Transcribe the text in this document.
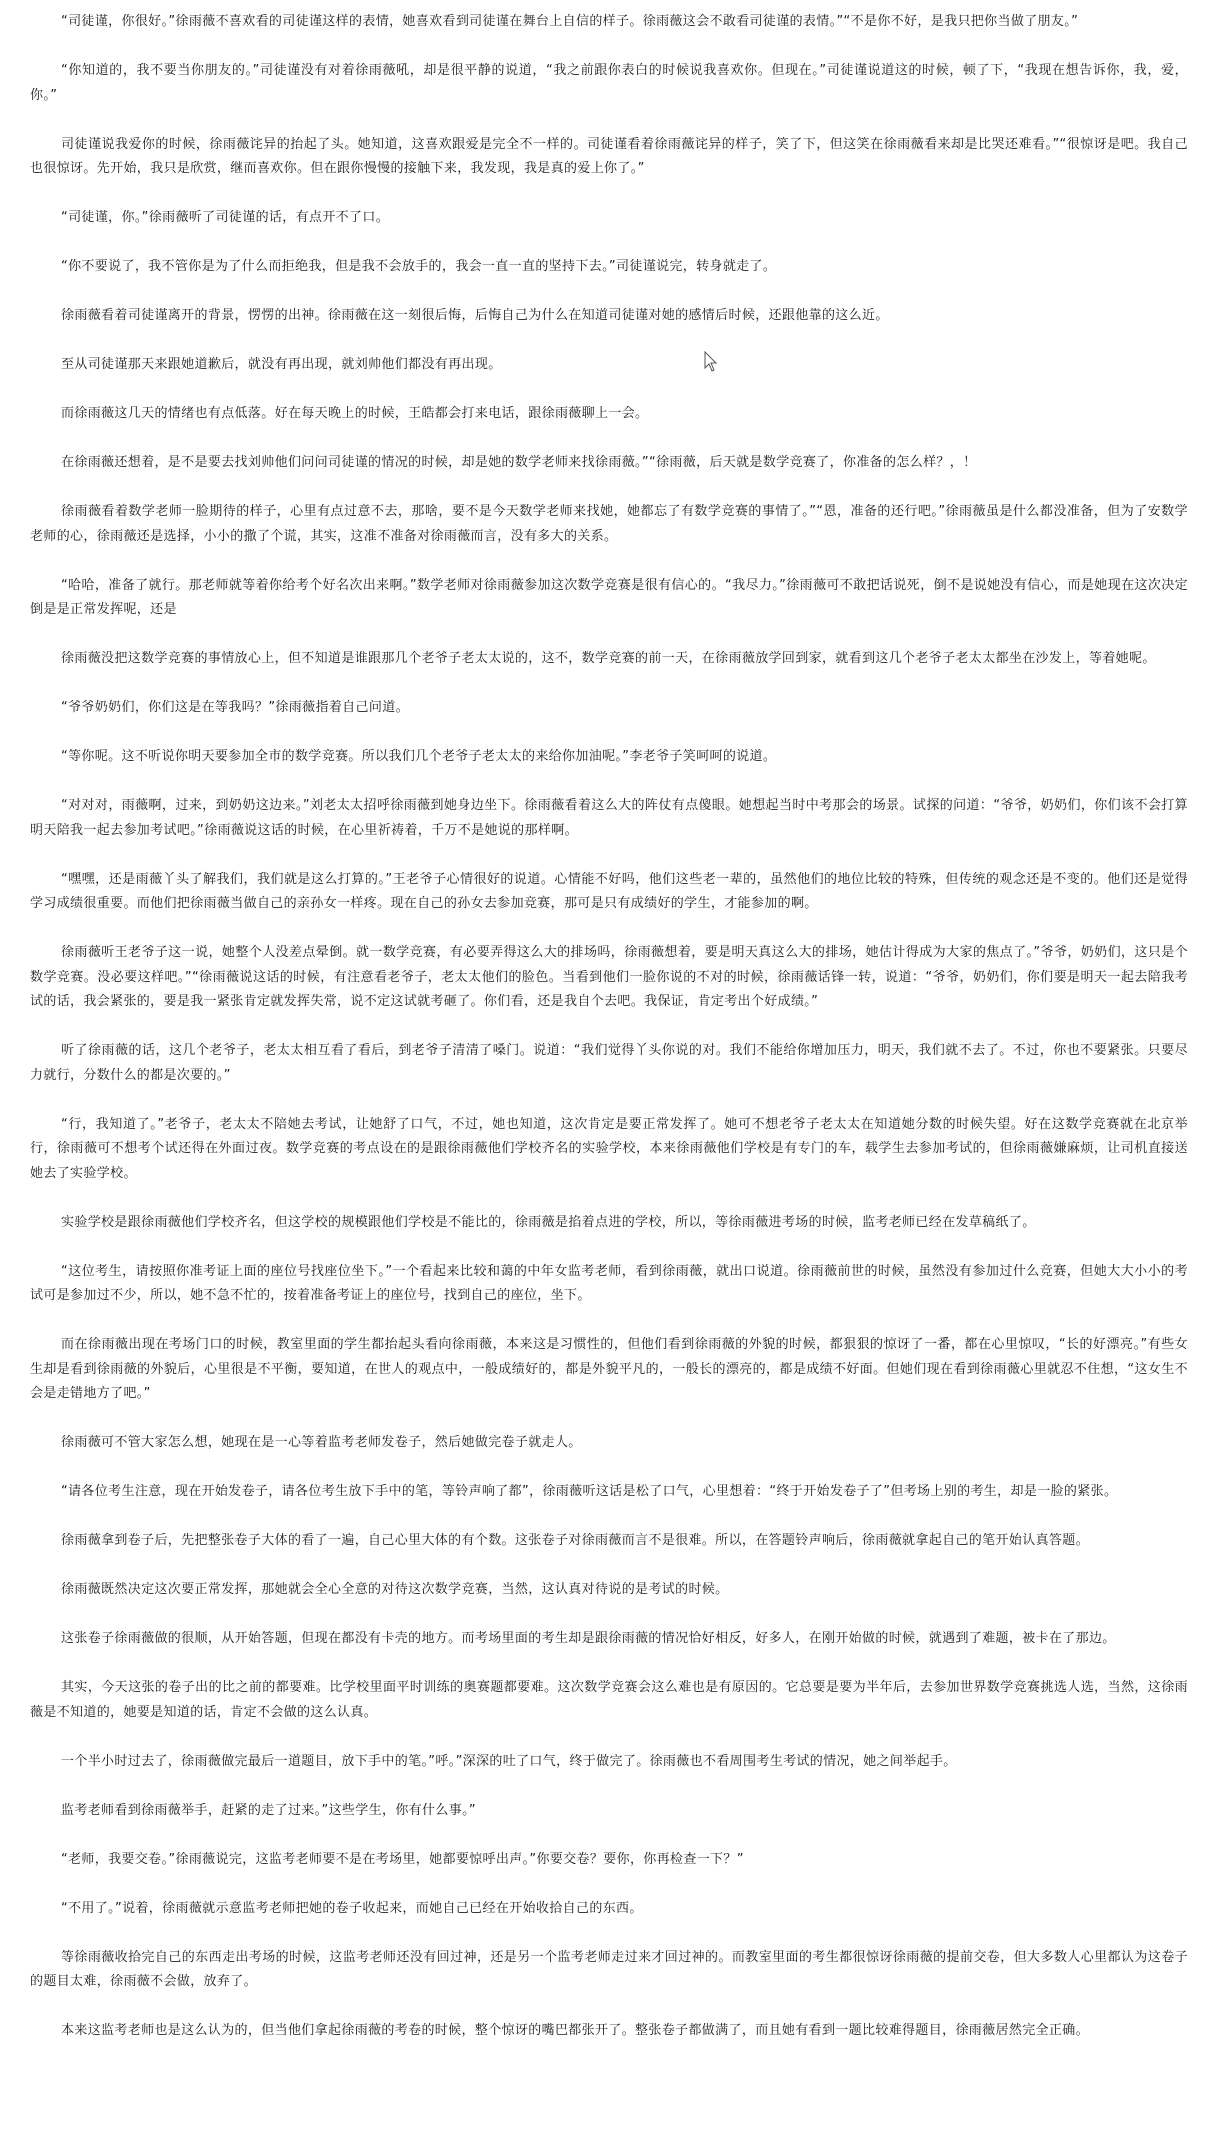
“司徒谨，你很好。”徐雨薇不喜欢看的司徒谨这样的表情，她喜欢看到司徒谨在舞台上自信的样子。徐雨薇这会不敢看司徒谨的表情。”“不是你不好，是我只把你当做了朋友。”

“你知道的，我不要当你朋友的。”司徒谨没有对着徐雨薇吼，却是很平静的说道，“我之前跟你表白的时候说我喜欢你。但现在。”司徒谨说道这的时候，顿了下，“我现在想告诉你，我，爱，你。”

司徒谨说我爱你的时候，徐雨薇诧异的抬起了头。她知道，这喜欢跟爱是完全不一样的。司徒谨看着徐雨薇诧异的样子，笑了下，但这笑在徐雨薇看来却是比哭还难看。”“很惊讶是吧。我自己也很惊讶。先开始，我只是欣赏，继而喜欢你。但在跟你慢慢的接触下来，我发现，我是真的爱上你了。”

“司徒谨，你。”徐雨薇听了司徒谨的话，有点开不了口。

“你不要说了，我不管你是为了什么而拒绝我，但是我不会放手的，我会一直一直的坚持下去。”司徒谨说完，转身就走了。

徐雨薇看着司徒谨离开的背景，愣愣的出神。徐雨薇在这一刻很后悔，后悔自己为什么在知道司徒谨对她的感情后时候，还跟他靠的这么近。

至从司徒谨那天来跟她道歉后，就没有再出现，就刘帅他们都没有再出现。

而徐雨薇这几天的情绪也有点低落。好在每天晚上的时候，王皓都会打来电话，跟徐雨薇聊上一会。

在徐雨薇还想着，是不是要去找刘帅他们问问司徒谨的情况的时候，却是她的数学老师来找徐雨薇。”“徐雨薇，后天就是数学竞赛了，你准备的怎么样？，！

徐雨薇看着数学老师一脸期待的样子，心里有点过意不去，那啥，要不是今天数学老师来找她，她都忘了有数学竞赛的事情了。”“恩，准备的还行吧。”徐雨薇虽是什么都没准备，但为了安数学老师的心，徐雨薇还是选择，小小的撒了个谎，其实，这准不准备对徐雨薇而言，没有多大的关系。

“哈哈，准备了就行。那老师就等着你给考个好名次出来啊。”数学老师对徐雨薇参加这次数学竞赛是很有信心的。“我尽力。”徐雨薇可不敢把话说死，倒不是说她没有信心，而是她现在这次决定倒是是正常发挥呢，还是

徐雨薇没把这数学竞赛的事情放心上，但不知道是谁跟那几个老爷子老太太说的，这不，数学竞赛的前一天，在徐雨薇放学回到家，就看到这几个老爷子老太太都坐在沙发上，等着她呢。

“爷爷奶奶们，你们这是在等我吗？”徐雨薇指着自己问道。

“等你呢。这不听说你明天要参加全市的数学竞赛。所以我们几个老爷子老太太的来给你加油呢。”李老爷子笑呵呵的说道。

“对对对，雨薇啊，过来，到奶奶这边来。”刘老太太招呼徐雨薇到她身边坐下。徐雨薇看着这么大的阵仗有点傻眼。她想起当时中考那会的场景。试探的问道：“爷爷，奶奶们，你们该不会打算明天陪我一起去参加考试吧。”徐雨薇说这话的时候，在心里祈祷着，千万不是她说的那样啊。

“嘿嘿，还是雨薇丫头了解我们，我们就是这么打算的。”王老爷子心情很好的说道。心情能不好吗，他们这些老一辈的，虽然他们的地位比较的特殊，但传统的观念还是不变的。他们还是觉得学习成绩很重要。而他们把徐雨薇当做自己的亲孙女一样疼。现在自己的孙女去参加竞赛，那可是只有成绩好的学生，才能参加的啊。

徐雨薇听王老爷子这一说，她整个人没差点晕倒。就一数学竞赛，有必要弄得这么大的排场吗，徐雨薇想着，要是明天真这么大的排场，她估计得成为大家的焦点了。”爷爷，奶奶们，这只是个数学竞赛。没必要这样吧。”“徐雨薇说这话的时候，有注意看老爷子，老太太他们的脸色。当看到他们一脸你说的不对的时候，徐雨薇话锋一转，说道：“爷爷，奶奶们，你们要是明天一起去陪我考试的话，我会紧张的，要是我一紧张肯定就发挥失常，说不定这试就考砸了。你们看，还是我自个去吧。我保证，肯定考出个好成绩。”

听了徐雨薇的话，这几个老爷子，老太太相互看了看后，到老爷子清清了嗓门。说道：“我们觉得丫头你说的对。我们不能给你增加压力，明天，我们就不去了。不过，你也不要紧张。只要尽力就行，分数什么的都是次要的。”

“行，我知道了。”老爷子，老太太不陪她去考试，让她舒了口气，不过，她也知道，这次肯定是要正常发挥了。她可不想老爷子老太太在知道她分数的时候失望。好在这数学竞赛就在北京举行，徐雨薇可不想考个试还得在外面过夜。数学竞赛的考点设在的是跟徐雨薇他们学校齐名的实验学校，本来徐雨薇他们学校是有专门的车，载学生去参加考试的，但徐雨薇嫌麻烦，让司机直接送她去了实验学校。

实验学校是跟徐雨薇他们学校齐名，但这学校的规模跟他们学校是不能比的，徐雨薇是掐着点进的学校，所以，等徐雨薇进考场的时候，监考老师已经在发草稿纸了。

“这位考生，请按照你准考证上面的座位号找座位坐下。”一个看起来比较和蔼的中年女监考老师，看到徐雨薇，就出口说道。徐雨薇前世的时候，虽然没有参加过什么竞赛，但她大大小小的考试可是参加过不少，所以，她不急不忙的，按着准备考证上的座位号，找到自己的座位，坐下。

而在徐雨薇出现在考场门口的时候，教室里面的学生都抬起头看向徐雨薇，本来这是习惯性的，但他们看到徐雨薇的外貌的时候，都狠狠的惊讶了一番，都在心里惊叹，“长的好漂亮。”有些女生却是看到徐雨薇的外貌后，心里很是不平衡，要知道，在世人的观点中，一般成绩好的，都是外貌平凡的，一般长的漂亮的，都是成绩不好面。但她们现在看到徐雨薇心里就忍不住想，“这女生不会是走错地方了吧。”

徐雨薇可不管大家怎么想，她现在是一心等着监考老师发卷子，然后她做完卷子就走人。

“请各位考生注意，现在开始发卷子，请各位考生放下手中的笔，等铃声响了都”，徐雨薇听这话是松了口气，心里想着：“终于开始发卷子了”但考场上别的考生，却是一脸的紧张。

徐雨薇拿到卷子后，先把整张卷子大体的看了一遍，自己心里大体的有个数。这张卷子对徐雨薇而言不是很难。所以，在答题铃声响后，徐雨薇就拿起自己的笔开始认真答题。

徐雨薇既然决定这次要正常发挥，那她就会全心全意的对待这次数学竞赛，当然，这认真对待说的是考试的时候。

这张卷子徐雨薇做的很顺，从开始答题，但现在都没有卡壳的地方。而考场里面的考生却是跟徐雨薇的情况恰好相反，好多人，在刚开始做的时候，就遇到了难题，被卡在了那边。

其实，今天这张的卷子出的比之前的都要难。比学校里面平时训练的奥赛题都要难。这次数学竞赛会这么难也是有原因的。它总要是要为半年后，去参加世界数学竞赛挑选人选，当然，这徐雨薇是不知道的，她要是知道的话，肯定不会做的这么认真。

一个半小时过去了，徐雨薇做完最后一道题目，放下手中的笔。”呼。”深深的吐了口气，终于做完了。徐雨薇也不看周围考生考试的情况，她之间举起手。

监考老师看到徐雨薇举手，赶紧的走了过来。”这些学生，你有什么事。”

“老师，我要交卷。”徐雨薇说完，这监考老师要不是在考场里，她都要惊呼出声。”你要交卷？要你，你再检查一下？”

“不用了。”说着，徐雨薇就示意监考老师把她的卷子收起来，而她自己已经在开始收拾自己的东西。

等徐雨薇收拾完自己的东西走出考场的时候，这监考老师还没有回过神，还是另一个监考老师走过来才回过神的。而教室里面的考生都很惊讶徐雨薇的提前交卷，但大多数人心里都认为这卷子的题目太难，徐雨薇不会做，放弃了。

本来这监考老师也是这么认为的，但当他们拿起徐雨薇的考卷的时候，整个惊讶的嘴巴都张开了。整张卷子都做满了，而且她有看到一题比较难得题目，徐雨薇居然完全正确。
